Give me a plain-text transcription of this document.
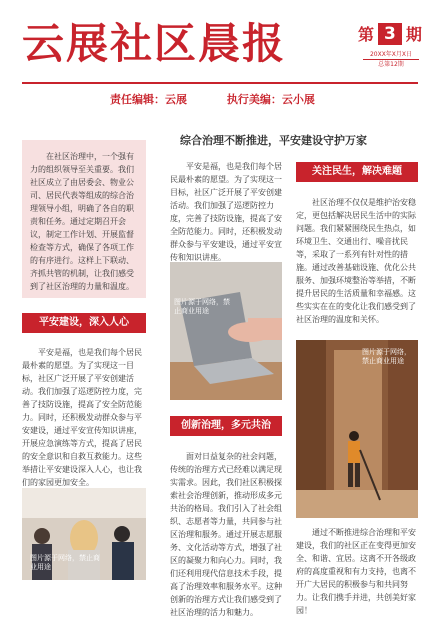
云展社区晨报	第 3 期
20XX年X月X日
总第12期
责任编辑：云展	执行美编：云小展
在社区治理中，一个强有力的组织领导至关重要。我们社区成立了由居委会、物业公司、居民代表等组成的综合治理领导小组，明确了各自的职责和任务。通过定期召开会议，制定工作计划、开展监督检查等方式，确保了各项工作的有序进行。这样上下联动、齐抓共管的机制，让我们感受到了社区治理的力量和温度。
平安建设，深入人心
平安是福，也是我们每个居民最朴素的愿望。为了实现这一目标，社区广泛开展了平安创建活动。我们加强了巡逻防控力度，完善了技防设施，提高了安全防范能力。同时，还积极发动群众参与平安建设，通过平安宣传知识讲座，开展应急演练等方式，提高了居民的安全意识和自救互救能力。这些举措让平安建设深入人心，也让我们的家园更加安全。
图片源于网络，禁止商业用途
综合治理不断推进，平安建设守护万家
平安是福，也是我们每个居民最朴素的愿望。为了实现这一目标，社区广泛开展了平安创建活动。我们加强了巡逻防控力度，完善了技防设施，提高了安全防范能力。同时，还积极发动群众参与平安建设，通过平安宣传和知识讲座。
图片源于网络，禁止商业用途
创新治理，多元共治
面对日益复杂的社会问题，传统的治理方式已经难以满足现实需求。因此，我们社区积极探索社会治理创新，推动形成多元共治的格局。我们引入了社会组织、志愿者等力量，共同参与社区治理和服务。通过开展志愿服务、文化活动等方式，增强了社区的凝聚力和向心力。同时，我们还利用现代信息技术手段，提高了治理效率和服务水平。这种创新的治理方式让我们感受到了社区治理的活力和魅力。
关注民生，解决难题
社区治理不仅仅是维护治安稳定，更包括解决居民生活中的实际问题。我们紧紧围绕民生热点，如环境卫生、交通出行、噪音扰民等，采取了一系列有针对性的措施。通过改善基础设施、优化公共服务、加强环境整治等举措，不断提升居民的生活质量和幸福感。这些实实在在的变化让我们感受到了社区治理的温度和关怀。
图片源于网络，禁止商业用途
通过不断推进综合治理和平安建设，我们的社区正在变得更加安全、和谐、宜居。这离不开各级政府的高度重视和有力支持，也离不开广大居民的积极参与和共同努力。让我们携手并进，共创美好家园！
